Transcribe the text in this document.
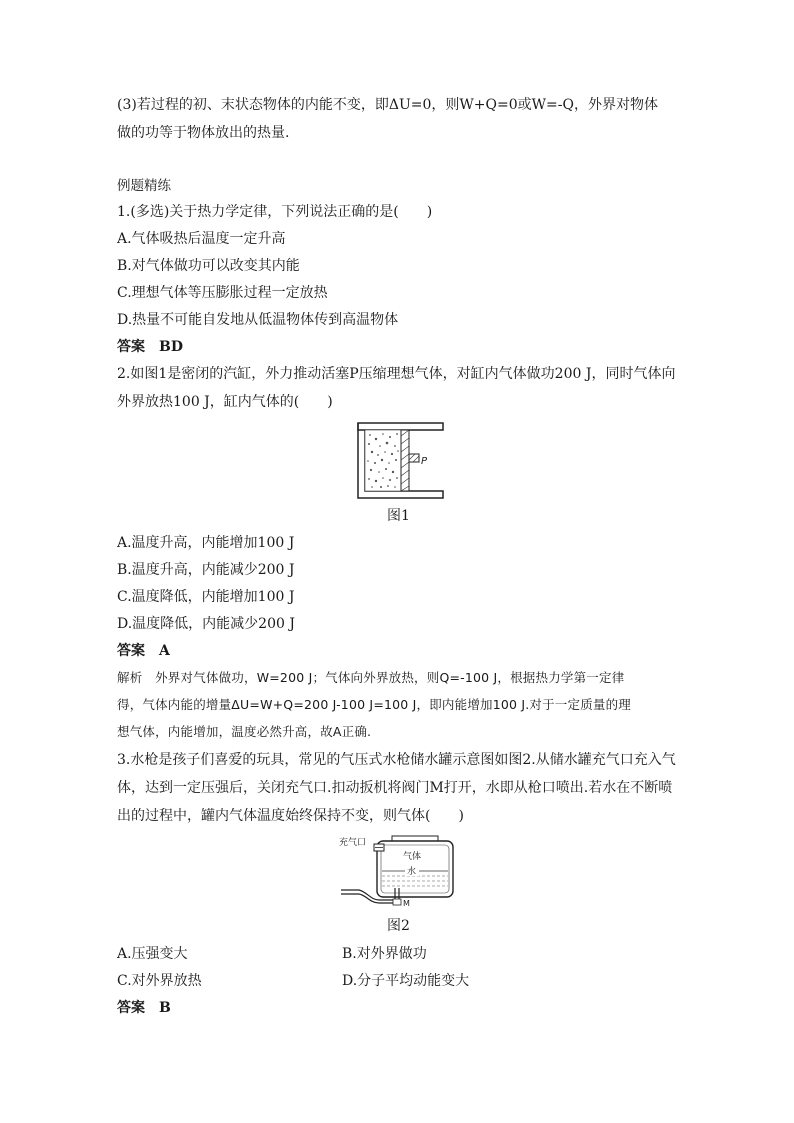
(3)若过程的初、末状态物体的内能不变，即ΔU=0，则W+Q=0或W=-Q，外界对物体
做的功等于物体放出的热量.
例题精练
1.(多选)关于热力学定律，下列说法正确的是(　　)
A.气体吸热后温度一定升高
B.对气体做功可以改变其内能
C.理想气体等压膨胀过程一定放热
D.热量不可能自发地从低温物体传到高温物体
答案　BD
2.如图1是密闭的汽缸，外力推动活塞P压缩理想气体，对缸内气体做功200 J，同时气体向
外界放热100 J，缸内气体的(　　)
P
图1
A.温度升高，内能增加100 J
B.温度升高，内能减少200 J
C.温度降低，内能增加100 J
D.温度降低，内能减少200 J
答案　A
解析　外界对气体做功，W=200 J；气体向外界放热，则Q=-100 J，根据热力学第一定律
得，气体内能的增量ΔU=W+Q=200 J-100 J=100 J，即内能增加100 J.对于一定质量的理
想气体，内能增加，温度必然升高，故A正确.
3.水枪是孩子们喜爱的玩具，常见的气压式水枪储水罐示意图如图2.从储水罐充气口充入气
体，达到一定压强后，关闭充气口.扣动扳机将阀门M打开，水即从枪口喷出.若水在不断喷
出的过程中，罐内气体温度始终保持不变，则气体(　　)
充气口
气体
水
M
图2
A.压强变大	B.对外界做功
C.对外界放热	D.分子平均动能变大
答案　B
